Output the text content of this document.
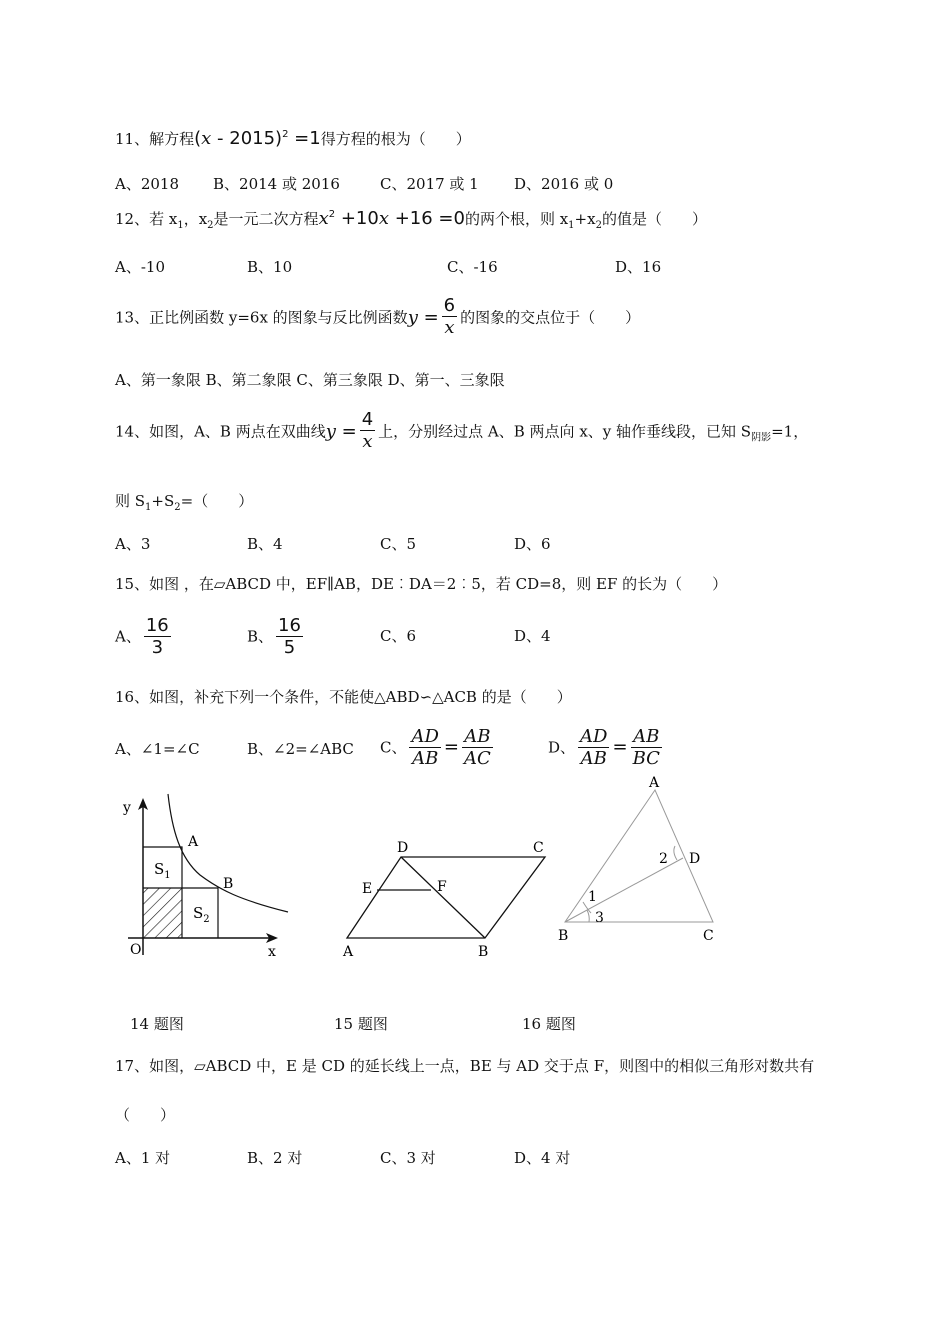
11、解方程(x - 2015)$^2$ =1得方程的根为（　　）
A、2018 B、2014 或 2016	C、2017 或 1 D、2016 或 0
12、若 $x_1$，$x_2$是一元二次方程$x^2 +10x +16 =0$的两个根，则 $x_1+x_2$的值是（　　）
A、-10	B、10	C、-16	D、16
13、正比例函数 y=6x 的图象与反比例函数$y = \frac{6}{x}$ 的图象的交点位于（　　）
A、第一象限 B、第二象限 C、第三象限 D、第一、三象限
14、如图，A、B 两点在双曲线$y = \frac{4}{x}$ 上，分别经过点 A、B 两点向 x、y 轴作垂线段，已知 $S_{阴影}=1$，
则 $S_1+S_2=$（　　）
A、3	B、4	C、5	D、6
15、如图 ，在▱ABCD 中，EF∥AB，DE︰DA＝2︰5，若 CD=8，则 EF 的长为（　　）
A、 $\frac{16}{3}$	B、 $\frac{16}{5}$	C、6	D、4
16、如图，补充下列一个条件，不能使△ABD∽△ACB 的是（　　）
A、∠1=∠C	B、∠2=∠ABC C、 $\frac{AD}{AB} = \frac{AB}{AC}$	D、 $\frac{AD}{AB} = \frac{AB}{BC}$
y
x
O
A
B
$S_1$
$S_2$
14 题图
A	B
C
D
E	F
15 题图
A
B	C
D
1
2
3
16 题图
17、如图，▱ABCD 中，E 是 CD 的延长线上一点，BE 与 AD 交于点 F，则图中的相似三角形对数共有
（　　）
A、1 对	B、2 对	C、3 对	D、4 对
